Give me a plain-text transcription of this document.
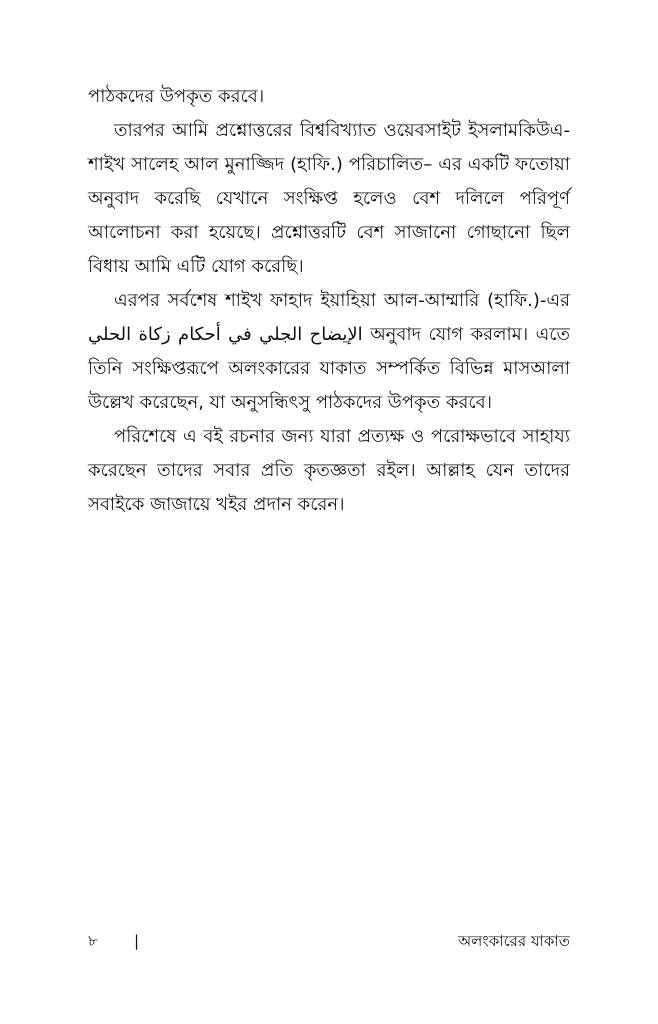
পাঠকদের উপকৃত করবে।

তারপর আমি প্রশ্নোত্তরের বিশ্ববিখ্যাত ওয়েবসাইট ইসলামকিউএ-শাইখ সালেহ আল মুনাজ্জিদ (হাফি.) পরিচালিত– এর একটি ফতোয়া অনুবাদ করেছি যেখানে সংক্ষিপ্ত হলেও বেশ দলিলে পরিপূর্ণ আলোচনা করা হয়েছে। প্রশ্নোত্তরটি বেশ সাজানো গোছানো ছিল বিধায় আমি এটি যোগ করেছি।

এরপর সর্বশেষ শাইখ ফাহাদ ইয়াহিয়া আল-আম্মারি (হাফি.)-এর الإيضاح الجلي في أحكام زكاة الحلي অনুবাদ যোগ করলাম। এতে তিনি সংক্ষিপ্তরূপে অলংকারের যাকাত সম্পর্কিত বিভিন্ন মাসআলা উল্লেখ করেছেন, যা অনুসন্ধিৎসু পাঠকদের উপকৃত করবে।

পরিশেষে এ বই রচনার জন্য যারা প্রত্যক্ষ ও পরোক্ষভাবে সাহায্য করেছেন তাদের সবার প্রতি কৃতজ্ঞতা রইল। আল্লাহ যেন তাদের সবাইকে জাজায়ে খইর প্রদান করেন।

৮ |	অলংকারের যাকাত
